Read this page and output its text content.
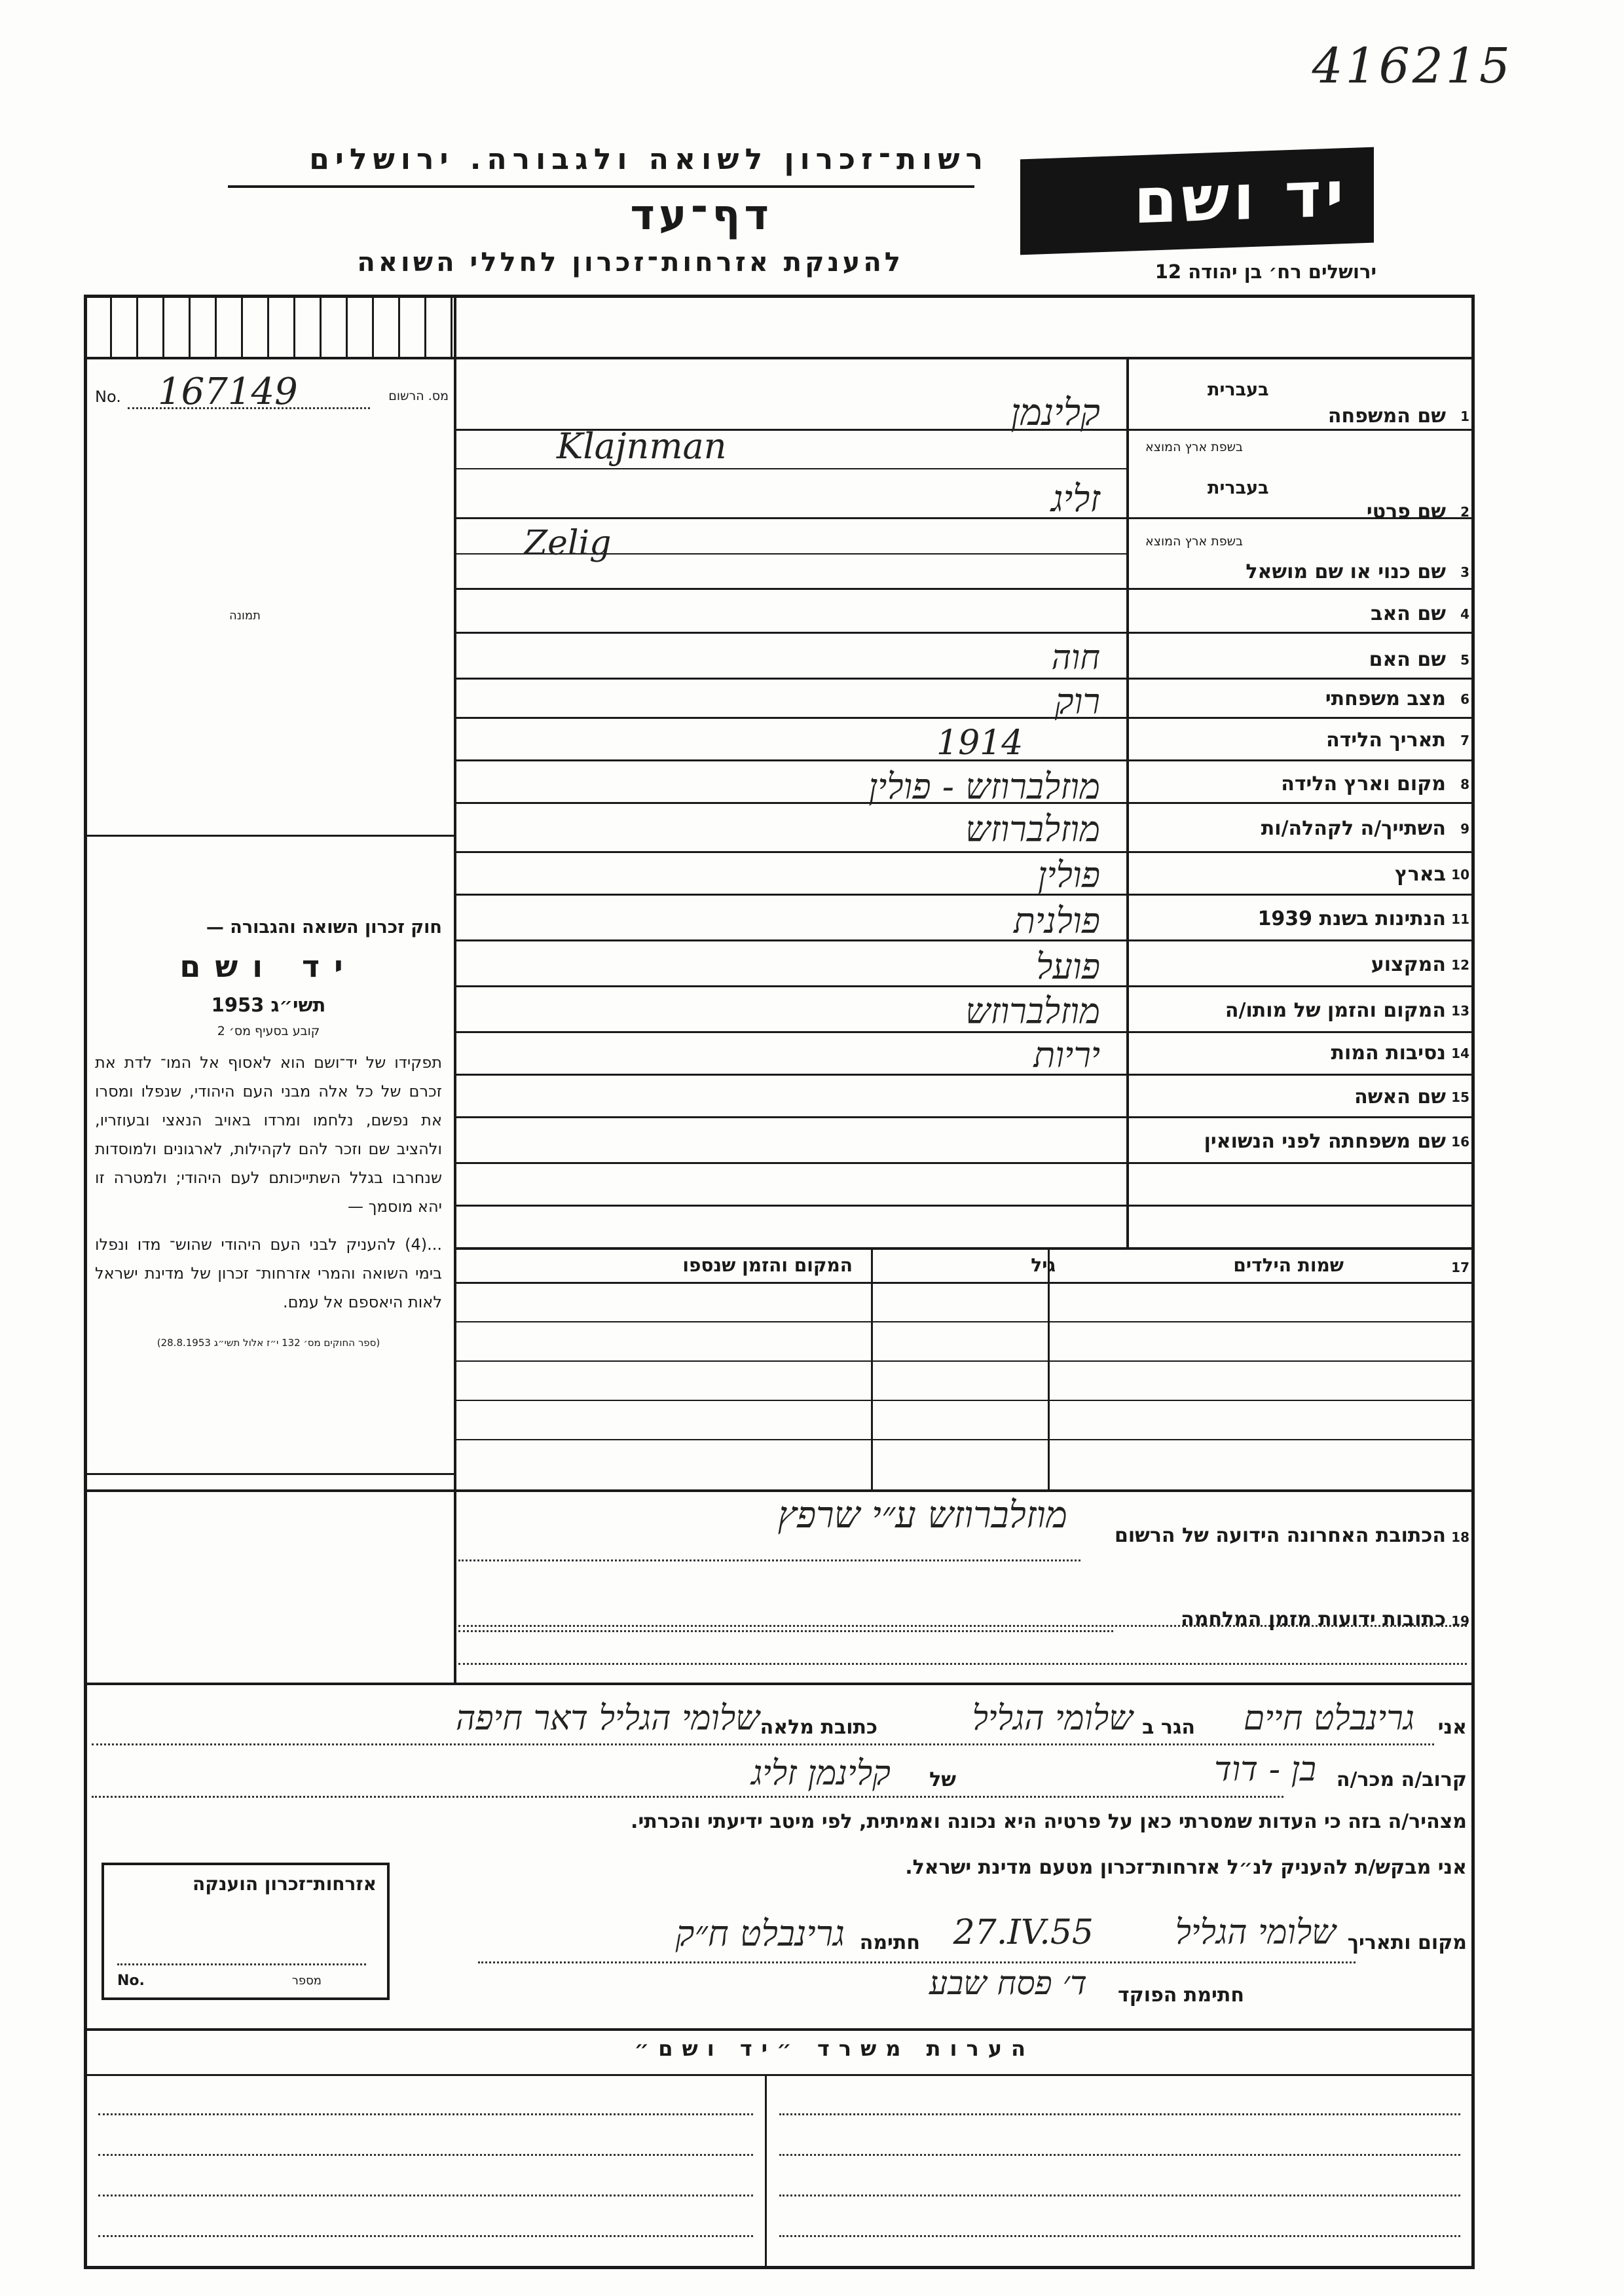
416215
רשות־זכרון לשואה ולגבורה. ירושלים
דף־עד
להענקת אזרחות־זכרון לחללי השואה
יד ושם
ירושלים רח׳ בן יהודה 12
No. 167149	מס. הרשום
תמונה

חוק זכרון השואה והגבורה —

יד ושם

תשי״ג 1953

קובע בסעיף מס׳ 2

תפקידו של יד־ושם הוא לאסוף אל המו־ לדת את זכרם של כל אלה מבני העם היהודי, שנפלו ומסרו את נפשם, נלחמו ומרדו באויב הנאצי ובעוזריו, ולהציב שם וזכר להם לקהילות, לארגונים ולמוסדות שנחרבו בגלל השתייכותם לעם היהודי; ולמטרה זו יהא מוסמך —

...(4) להעניק לבני העם היהודי שהוש־ מדו ונפלו בימי השואה והמרי אזרחות־ זכרון של מדינת ישראל לאות היאספם אל עמם.

(ספר החוקים מס׳ 132 י״ז אלול תשי״ג 28.8.1953)

1
שם המשפחה
בעברית
בשפת ארץ המוצא
קלינמן
Klajnman
2
שם פרטי
בעברית
בשפת ארץ המוצא
זליג
Zelig
3
שם כנוי או שם מושאל
4
שם האב
5
שם האם
חוה
6
מצב משפחתי
רוק
7
תאריך הלידה
1914
8
מקום וארץ הלידה
מוזלברוזש - פולין
9
השתייך/ה לקהלה/ות
מוזלברוזש
10
בארץ
פולין
11
הנתינות בשנת 1939
פולנית
12
המקצוע
פועל
13
המקום והזמן של מותו/ה
מוזלברוזש
14
נסיבות המות
יריות
15
שם האשה
16
שם משפחתה לפני הנשואין
17
שמות הילדים
גיל
המקום והזמן שנספו
18
הכתובת האחרונה הידועה של הרשום
מוזלברוזש ע״י שרפץ
19
כתובות ידועות מזמן המלחמה
אני
גרינבלט חיים
הגר ב
שלומי הגליל
כתובת מלאה
שלומי הגליל דאר חיפה
קרוב/ה מכר/ה
בן - דוד
של
קלינמן זליג
מצהיר/ה בזה כי העדות שמסרתי כאן על פרטיה היא נכונה ואמיתית, לפי מיטב ידיעתי והכרתי.
אני מבקש/ת להעניק לנ״ל אזרחות־זכרון מטעם מדינת ישראל.
מקום ותאריך
שלומי הגליל
27.IV.55
חתימה
גרינבלט ח״ק
חתימת הפוקד
ד׳ פסח שבע
אזרחות־זכרון הוענקה
No.	מספר
הערות משרד ״יד ושם״
